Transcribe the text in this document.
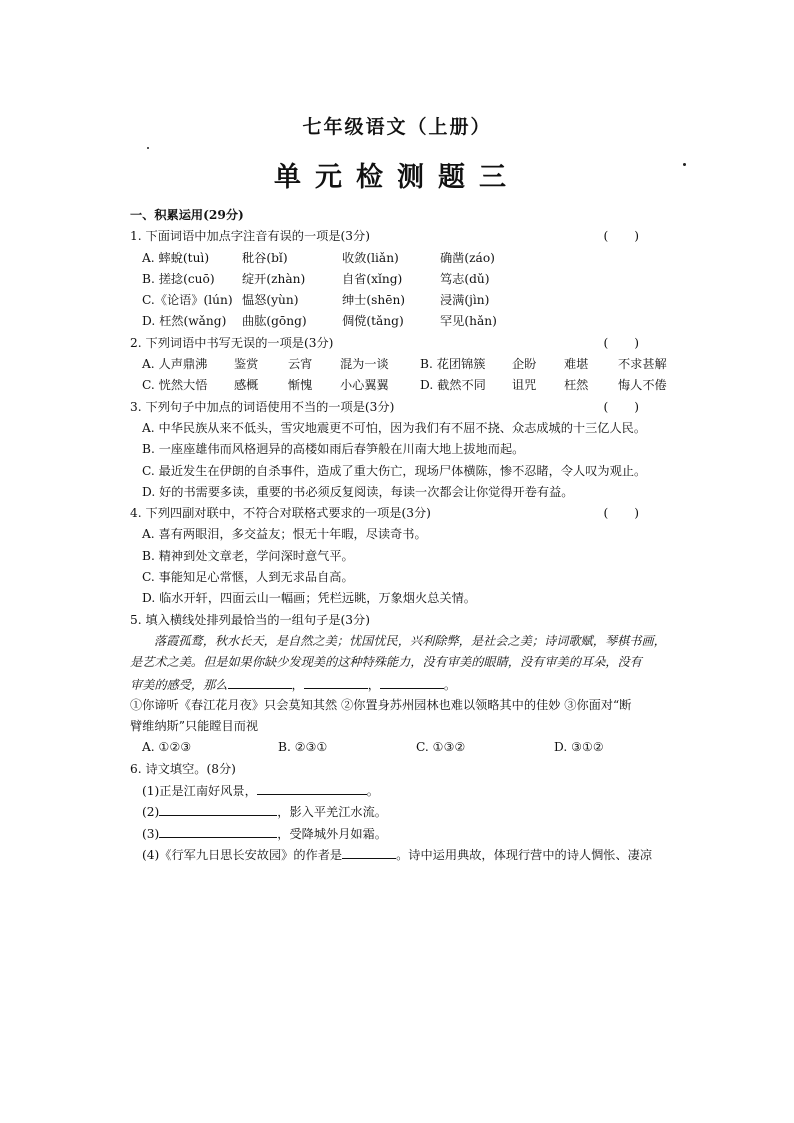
七年级语文（上册）
单元检测题三
一、积累运用(29分)
1. 下面词语中加点字注音有误的一项是(3分)	()
A. 蟀蛻(tuì)	秕谷(bǐ)	收敛(liǎn)	确凿(záo)
B. 搓捻(cuō) 绽开(zhàn)	自省(xǐng)	笃志(dǔ)
C.《论语》(lún) 愠怒(yùn)	绅士(shēn)	浸满(jìn)
D. 枉然(wǎng) 曲肱(gōng)	倜傥(tǎng)	罕见(hǎn)
2. 下列词语中书写无误的一项是(3分)	()
A. 人声鼎沸 鉴赏 云宵 混为一谈	B. 花团锦簇 企盼 难堪 不求甚解
C. 恍然大悟 感概 惭愧 小心翼翼	D. 截然不同 诅咒 枉然 悔人不倦
3. 下列句子中加点的词语使用不当的一项是(3分)	()
A. 中华民族从来不低头，雪灾地震更不可怕，因为我们有不屈不挠、众志成城的十三亿人民。
B. 一座座雄伟而风格迥异的高楼如雨后春笋般在川南大地上拔地而起。
C. 最近发生在伊朗的自杀事件，造成了重大伤亡，现场尸体横陈，惨不忍睹，令人叹为观止。
D. 好的书需要多读，重要的书必须反复阅读，每读一次都会让你觉得开卷有益。
4. 下列四副对联中，不符合对联格式要求的一项是(3分)	()
A. 喜有两眼泪，多交益友；恨无十年暇，尽读奇书。
B. 精神到处文章老，学问深时意气平。
C. 事能知足心常惬，人到无求品自高。
D. 临水开轩，四面云山一幅画；凭栏远眺，万象烟火总关情。
5. 填入横线处排列最恰当的一组句子是(3分)
落霞孤鹜，秋水长天，是自然之美；忧国忧民，兴利除弊，是社会之美；诗词歌赋，琴棋书画，
是艺术之美。但是如果你缺少发现美的这种特殊能力，没有审美的眼睛，没有审美的耳朵，没有
审美的感受，那么	，	，	。
①你谛听《春江花月夜》只会莫知其然 ②你置身苏州园林也难以领略其中的佳妙 ③你面对“断
臂维纳斯”只能瞠目而视
A. ①②③	B. ②③①	C. ①③②	D. ③①②
6. 诗文填空。(8分)
(1)正是江南好风景，	。
(2)	，影入平羌江水流。
(3)	，受降城外月如霜。
(4)《行军九日思长安故园》的作者是	。诗中运用典故，体现行营中的诗人惆怅、凄凉
